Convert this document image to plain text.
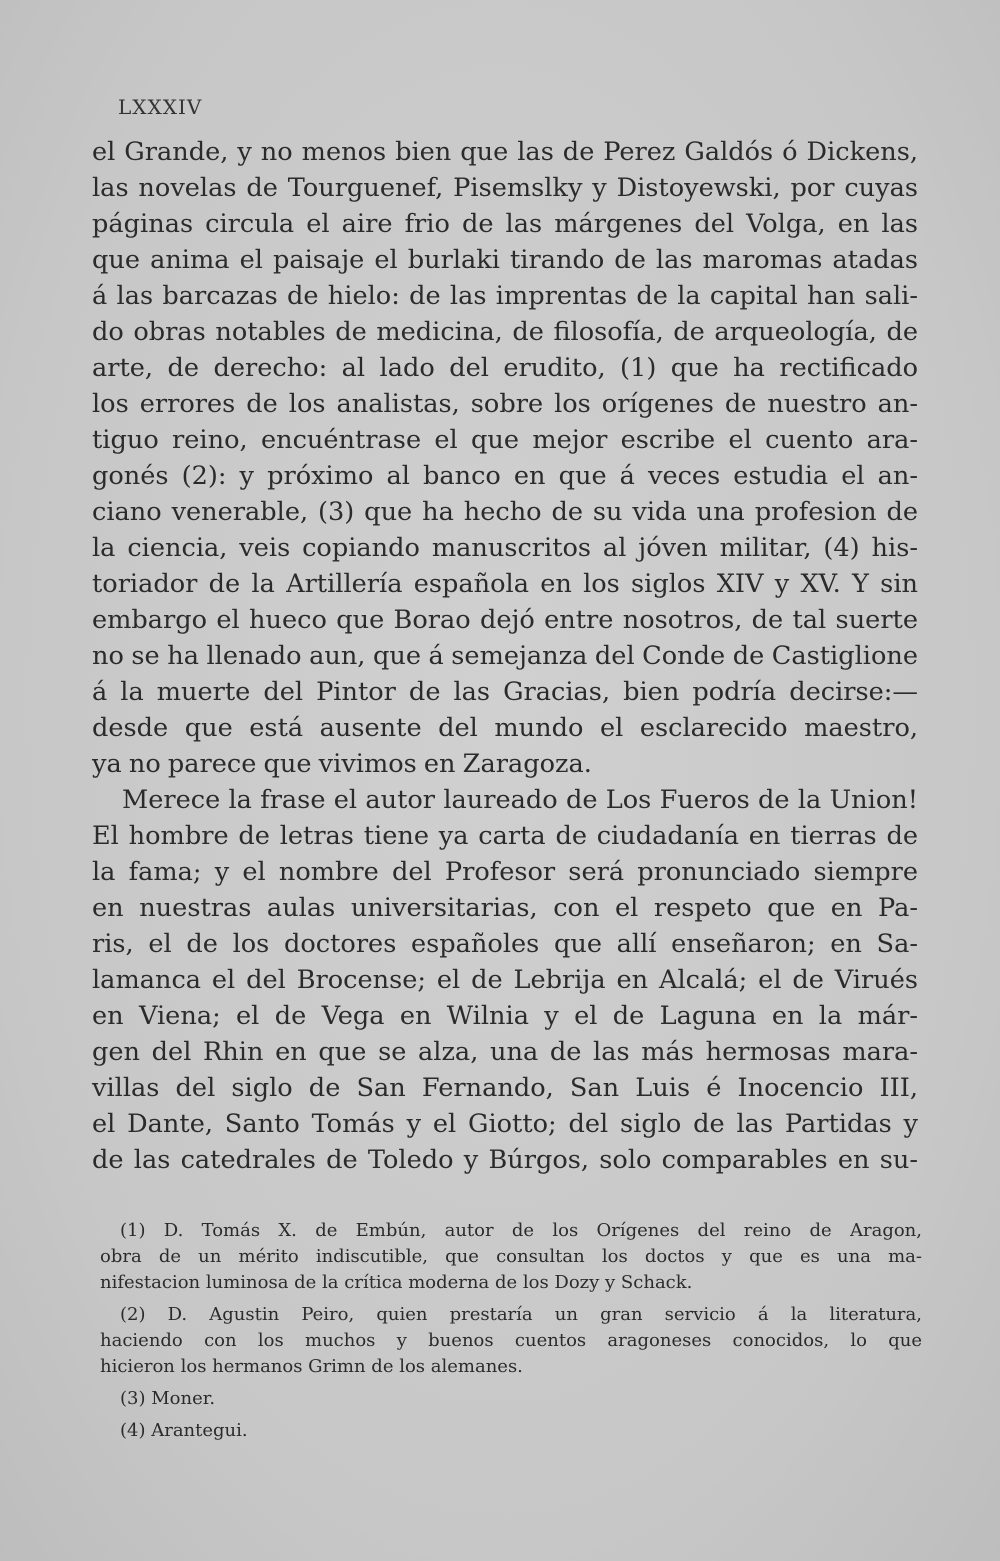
LXXXIV
el Grande, y no menos bien que las de Perez Galdós ó Dickens,
las novelas de Tourguenef, Pisemslky y Distoyewski, por cuyas
páginas circula el aire frio de las márgenes del Volga, en las
que anima el paisaje el burlaki tirando de las maromas atadas
á las barcazas de hielo: de las imprentas de la capital han sali-
do obras notables de medicina, de filosofía, de arqueología, de
arte, de derecho: al lado del erudito, (1) que ha rectificado
los errores de los analistas, sobre los orígenes de nuestro an-
tiguo reino, encuéntrase el que mejor escribe el cuento ara-
gonés (2): y próximo al banco en que á veces estudia el an-
ciano venerable, (3) que ha hecho de su vida una profesion de
la ciencia, veis copiando manuscritos al jóven militar, (4) his-
toriador de la Artillería española en los siglos XIV y XV. Y sin
embargo el hueco que Borao dejó entre nosotros, de tal suerte
no se ha llenado aun, que á semejanza del Conde de Castiglione
á la muerte del Pintor de las Gracias, bien podría decirse:—
desde que está ausente del mundo el esclarecido maestro,
ya no parece que vivimos en Zaragoza.
Merece la frase el autor laureado de Los Fueros de la Union!
El hombre de letras tiene ya carta de ciudadanía en tierras de
la fama; y el nombre del Profesor será pronunciado siempre
en nuestras aulas universitarias, con el respeto que en Pa-
ris, el de los doctores españoles que allí enseñaron; en Sa-
lamanca el del Brocense; el de Lebrija en Alcalá; el de Virués
en Viena; el de Vega en Wilnia y el de Laguna en la már-
gen del Rhin en que se alza, una de las más hermosas mara-
villas del siglo de San Fernando, San Luis é Inocencio III,
el Dante, Santo Tomás y el Giotto; del siglo de las Partidas y
de las catedrales de Toledo y Búrgos, solo comparables en su-
(1) D. Tomás X. de Embún, autor de los Orígenes del reino de Aragon,
obra de un mérito indiscutible, que consultan los doctos y que es una ma-
nifestacion luminosa de la crítica moderna de los Dozy y Schack.
(2) D. Agustin Peiro, quien prestaría un gran servicio á la literatura,
haciendo con los muchos y buenos cuentos aragoneses conocidos, lo que
hicieron los hermanos Grimn de los alemanes.
(3) Moner.
(4) Arantegui.
